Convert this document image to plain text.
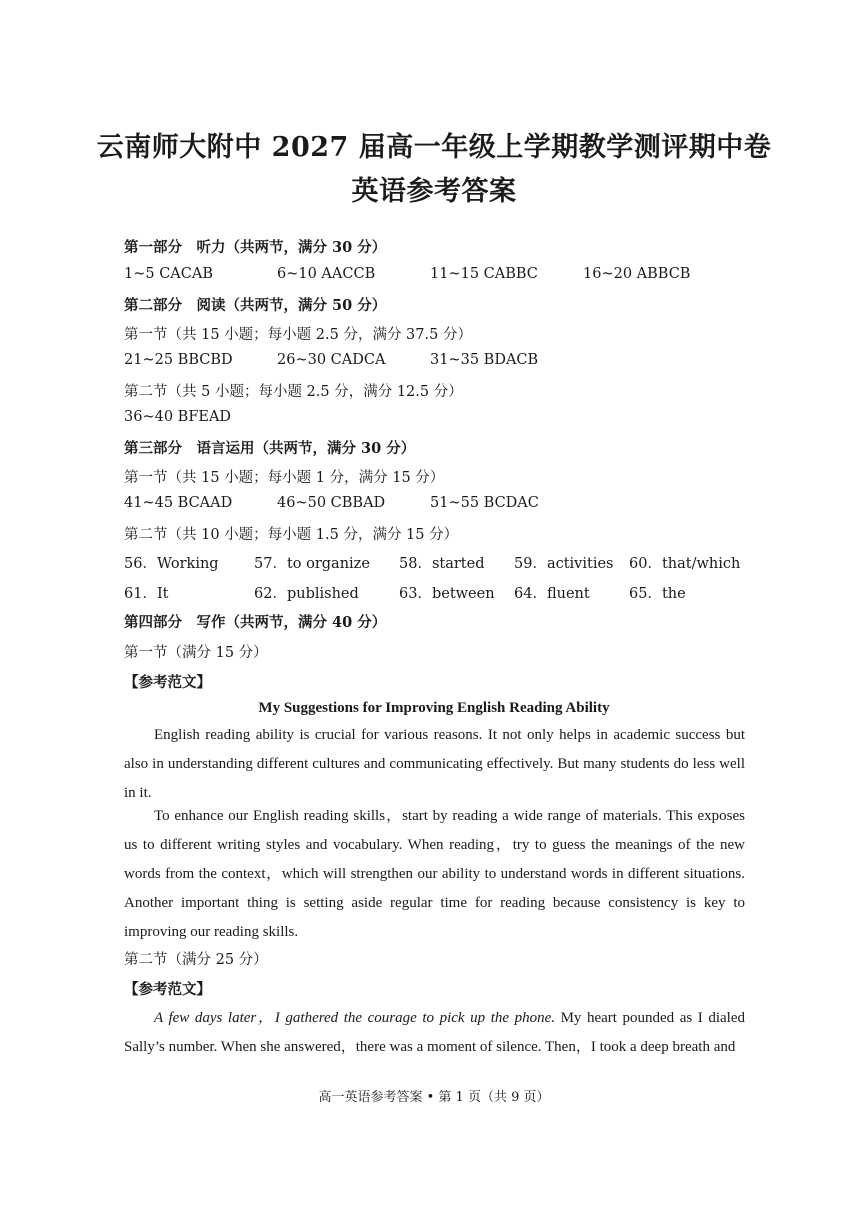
云南师大附中 2027 届高一年级上学期教学测评期中卷
英语参考答案
第一部分　听力（共两节，满分 30 分）
1~5 CACAB	6~10 AACCB	11~15 CABBC	16~20 ABBCB
第二部分　阅读（共两节，满分 50 分）
第一节（共 15 小题；每小题 2.5 分，满分 37.5 分）
21~25 BBCBD	26~30 CADCA	31~35 BDACB
第二节（共 5 小题；每小题 2.5 分，满分 12.5 分）
36~40 BFEAD
第三部分　语言运用（共两节，满分 30 分）
第一节（共 15 小题；每小题 1 分，满分 15 分）
41~45 BCAAD	46~50 CBBAD	51~55 BCDAC
第二节（共 10 小题；每小题 1.5 分，满分 15 分）
56．Working 57．to organize 58．started 59．activities 60．that/which
61．It	62．published	63．between 64．fluent	65．the
第四部分　写作（共两节，满分 40 分）
第一节（满分 15 分）
【参考范文】
My Suggestions for Improving English Reading Ability
English reading ability is crucial for various reasons. It not only helps in academic success but also in understanding different cultures and communicating effectively. But many students do less well in it.
To enhance our English reading skills，start by reading a wide range of materials. This exposes us to different writing styles and vocabulary. When reading，try to guess the meanings of the new words from the context，which will strengthen our ability to understand words in different situations. Another important thing is setting aside regular time for reading because consistency is key to improving our reading skills.
第二节（满分 25 分）
【参考范文】
A few days later，I gathered the courage to pick up the phone. My heart pounded as I dialed Sally’s number. When she answered，there was a moment of silence. Then，I took a deep breath and
高一英语参考答案 • 第 1 页（共 9 页）
